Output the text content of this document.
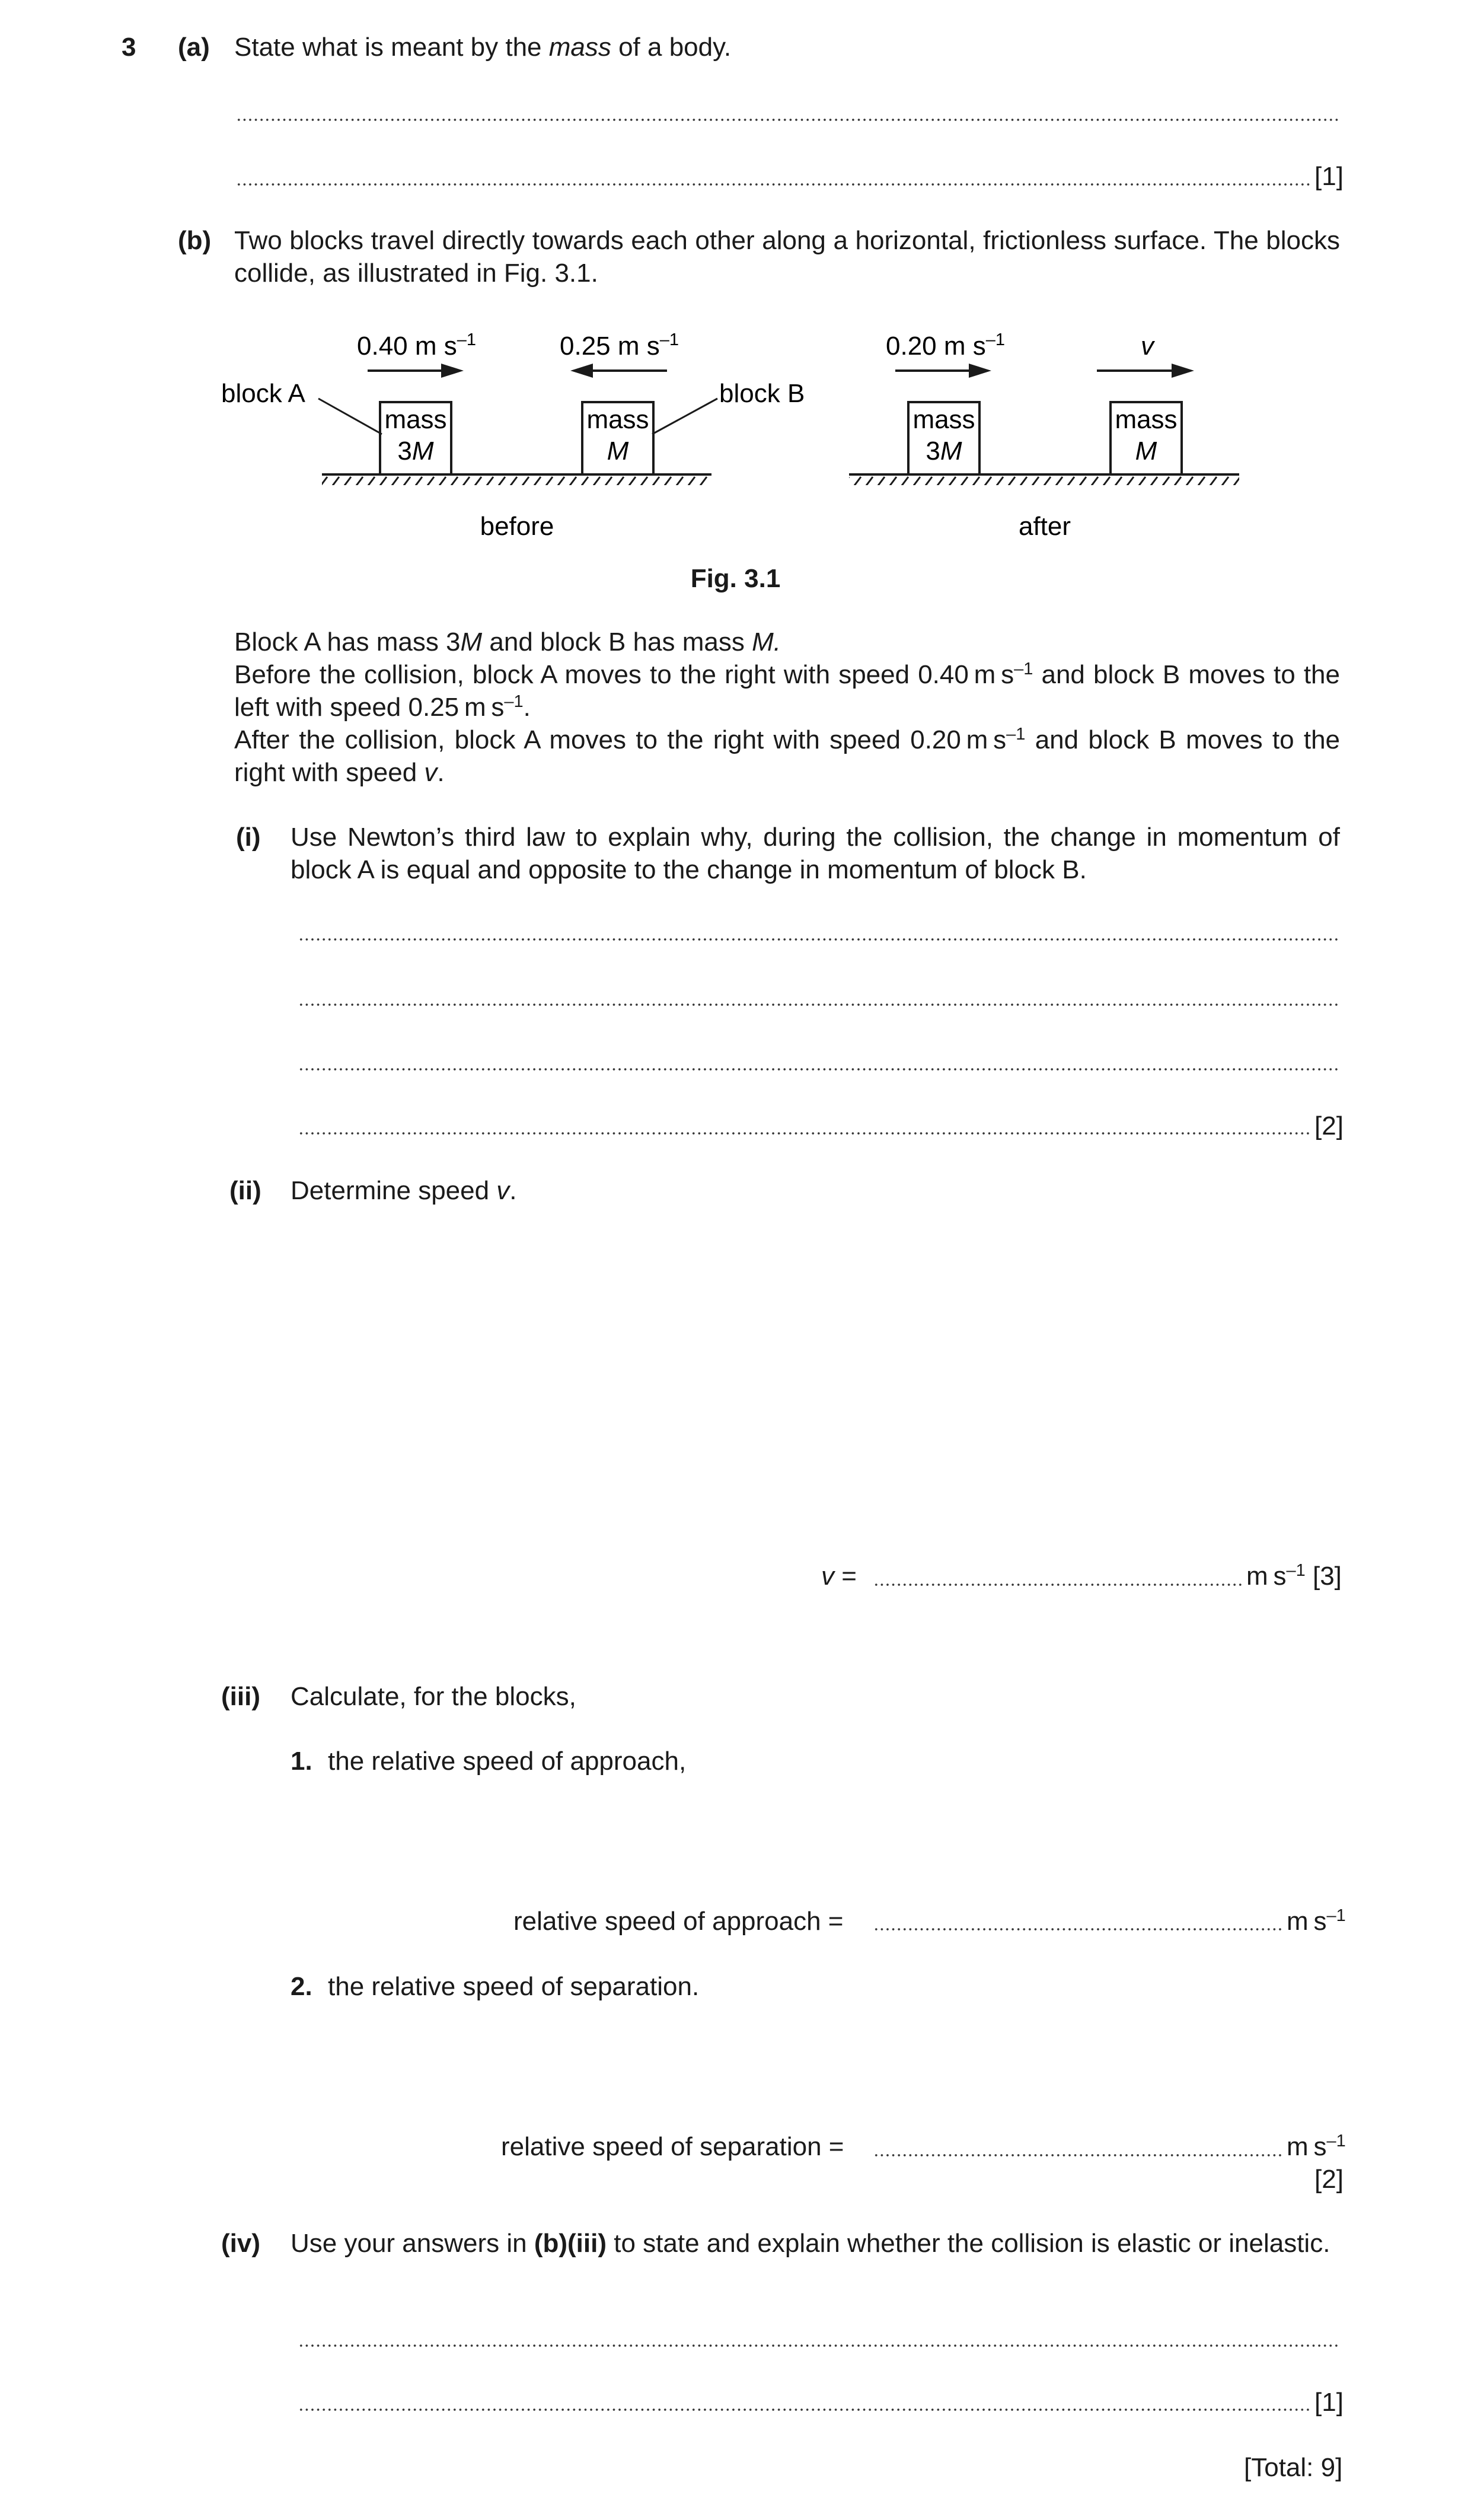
3 (a) State what is meant by the mass of a body.
[1]
(b) Two blocks travel directly towards each other along a horizontal, frictionless surface. The blocks collide, as illustrated in Fig. 3.1.
mass
3M
mass
M
mass
3M
mass
M
block A	block B
0.40 m $s^{-1}$	0.25 m $s^{-1}$	0.20 m $s^{-1}$	v
before	after
Fig. 3.1
Block A has mass 3M and block B has mass M.
Before the collision, block A moves to the right with speed 0.40 m $s^{-1}$ and block B moves to the left with speed 0.25 m $s^{-1}$.
After the collision, block A moves to the right with speed 0.20 m $s^{-1}$ and block B moves to the right with speed v.
(i) Use Newton’s third law to explain why, during the collision, the change in momentum of block A is equal and opposite to the change in momentum of block B.
[2]
(ii) Determine speed v.
v =	m $s^{-1}$ [3]
(iii) Calculate, for the blocks,
1. the relative speed of approach,
relative speed of approach =	m $s^{-1}$
2. the relative speed of separation.
relative speed of separation =	m $s^{-1}$
[2]
(iv) Use your answers in (b)(iii) to state and explain whether the collision is elastic or inelastic.
[1]
[Total: 9]
